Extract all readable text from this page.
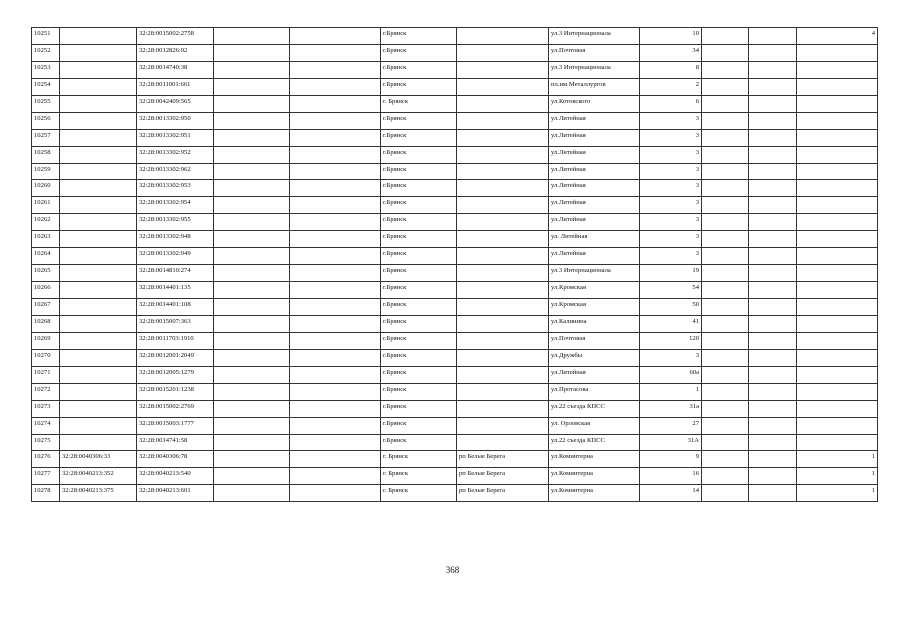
10251		32:28:0015002:2758			г.Брянск		ул.3 Интернационала	10			4
10252		32:28:0012826:92			г.Брянск		ул.Почтовая	34			
10253		32:28:0014740:38			г.Брянск		ул.3 Интернационала	8			
10254		32:28:0011001:661			г.Брянск		пл.им.Металлургов	2			
10255		32:28:0042409:565			г. Брянск		ул.Котовского	6			
10256		32:28:0013302:950			г.Брянск		ул.Литейная	3			
10257		32:28:0013302:951			г.Брянск		ул.Литейная	3			
10258		32:28:0013302:952			г.Брянск		ул.Литейная	3			
10259		32:28:0013302:962			г.Брянск		ул.Литейная	3			
10260		32:28:0013302:953			г.Брянск		ул.Литейная	3			
10261		32:28:0013302:954			г.Брянск		ул.Литейная	3			
10262		32:28:0013302:955			г.Брянск		ул.Литейная	3			
10263		32:28:0013302:948			г.Брянск		ул. Литейная	3			
10264		32:28:0013302:949			г.Брянск		ул.Литейная	3			
10265		32:28:0014810:274			г.Брянск		ул.3 Интернационала	19			
10266		32:28:0014401:135			г.Брянск		ул.Кромская	54			
10267		32:28:0014401:108			г.Брянск		ул.Кромская	50			
10268		32:28:0015007:363			г.Брянск		ул.Калинина	41			
10269		32:28:0011703:1910			г.Брянск		ул.Почтовая	120			
10270		32:28:0012001:2049			г.Брянск		ул.Дружбы	3			
10271		32:28:0012005:1279			г.Брянск		ул.Литейная	60а			
10272		32:28:0015201:1238			г.Брянск		ул.Протасова	1			
10273		32:28:0015002:2769			г.Брянск		ул.22 съезда КПСС	31а			
10274		32:28:0015003:1777			г.Брянск		ул. Орловская	27			
10275		32:28:0014741:58			г.Брянск		ул.22 съезда КПСС	31А			
10276	32:28:0040306:33	32:28:0040306:78			г. Брянск	рп Белые Берега	ул.Коминтерна	9			1
10277	32:28:0040213:352	32:28:0040213:540			г. Брянск	рп Белые Берега	ул.Коминтерна	16			1
10278	32:28:0040213:375	32:28:0040213:601			г. Брянск	рп Белые Берега	ул.Коминтерна	14			1
368
